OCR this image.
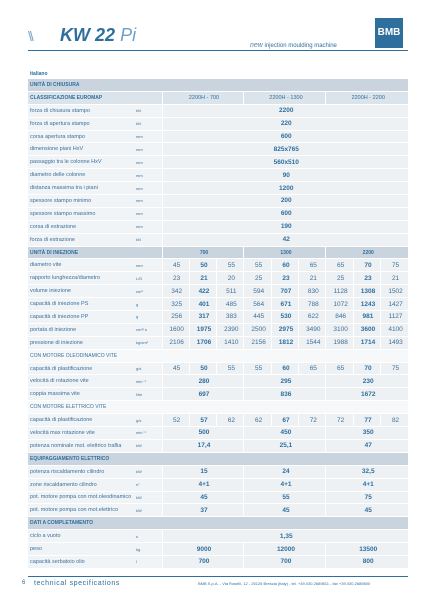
\\ KW 22 Pi
new injection moulding machine
BMB
italiano
UNITÀ DI CHIUSURA										
CLASSIFICAZIONE EUROMAP		2200H - 700			2200H - 1300			2200H - 2200		
forza di chiusura stampo	kN	2200								
forza di apertura stampo	kN	220								
corsa apertura stampo	mm	600								
dimensione piani HxV	mm	825x765								
passaggio tra le colonne HxV	mm	560x510								
diametro delle colonne	mm	90								
distanza massima tra i piani	mm	1200								
spessore stampo minimo	mm	200								
spessore stampo massimo	mm	600								
corsa di estrazione	mm	190								
forza di estrazione	kN	42								
UNITÀ DI INIEZIONE		700			1300			2200		
diametro vite	mm	45	50	55	55	60	65	65	70	75
rapporto lunghezza/diametro	L/D	23	21	20	25	23	21	25	23	21
volume iniezione	cm³	342	422	511	594	707	830	1128	1308	1502
capacità di iniezione PS	g	325	401	485	564	671	788	1072	1243	1427
capacità di iniezione PP	g	256	317	383	445	530	622	846	981	1127
portata di iniezione	cm³/ s	1600	1975	2390	2500	2975	3490	3100	3600	4100
pressione di iniezione	kg/cm²	2106	1706	1410	2156	1812	1544	1988	1714	1493
CON MOTORE OLEODINAMICO VITE										
capacità di plastificazione	g/s	45	50	55	55	60	65	65	70	75
velocità di rotazione vite	min⁻¹	280			295			230		
coppia massima vite	Nm	697			836			1672		
CON MOTORE ELETTRICO VITE										
capacità di plastificazione	g/s	52	57	62	62	67	72	72	77	82
velocità max rotazione vite	min⁻¹	500			450			350		
potenza nominale mot. elettrico traflia	kW	17,4			25,1			47		
EQUIPAGGIAMENTO ELETTRICO										
potenza riscaldamento cilindro	kW	15			24			32,5		
zone riscaldamento cilindro	n°	4+1			4+1			4+1		
pot. motore pompa con mot.oleodinamico	kW	45			55			75		
pot. motore pompa con mot.elettrico	kW	37			45			45		
DATI A COMPLETAMENTO										
ciclo a vuoto	s	1,35								
peso	kg	9000			12000			13500		
capacità serbatoio olio	l	700			700			800		
6 technical specifications	BMB S.p.A. - Via Roselli, 12 - 25125 Brescia (Italy) - tel. +39.030.2689811 - fax +39.030.2689800
